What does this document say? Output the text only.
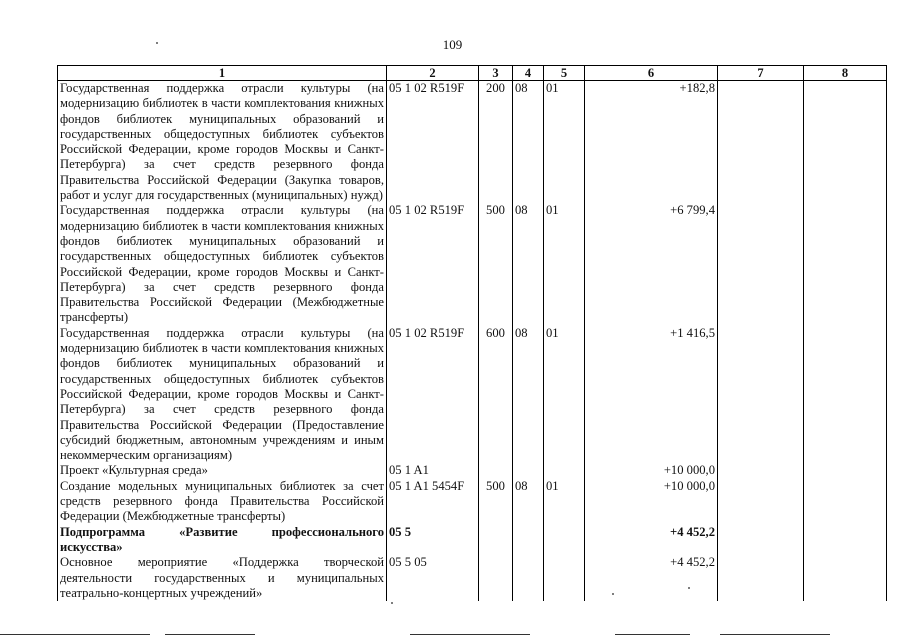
109
1	2	3	4	5	6	7	8
Государственная поддержка отрасли культуры (на модернизацию библиотек в части комплектования книжных фондов библиотек муниципальных образований и государственных общедоступных библиотек субъектов Российской Федерации, кроме городов Москвы и Санкт-Петербурга) за счет средств резервного фонда Правительства Российской Федерации (Закупка товаров, работ и услуг для государственных (муниципальных) нужд)	05 1 02 R519F	200	08	01	+182,8		
Государственная поддержка отрасли культуры (на модернизацию библиотек в части комплектования книжных фондов библиотек муниципальных образований и государственных общедоступных библиотек субъектов Российской Федерации, кроме городов Москвы и Санкт-Петербурга) за счет средств резервного фонда Правительства Российской Федерации (Межбюджетные трансферты)	05 1 02 R519F	500	08	01	+6 799,4		
Государственная поддержка отрасли культуры (на модернизацию библиотек в части комплектования книжных фондов библиотек муниципальных образований и государственных общедоступных библиотек субъектов Российской Федерации, кроме городов Москвы и Санкт-Петербурга) за счет средств резервного фонда Правительства Российской Федерации (Предоставление субсидий бюджетным, автономным учреждениям и иным некоммерческим организациям)	05 1 02 R519F	600	08	01	+1 416,5		
Проект «Культурная среда»	05 1 A1				+10 000,0		
Создание модельных муниципальных библиотек за счет средств резервного фонда Правительства Российской Федерации (Межбюджетные трансферты)	05 1 A1 5454F	500	08	01	+10 000,0		
Подпрограмма «Развитие профессионального искусства»	05 5				+4 452,2		
Основное мероприятие «Поддержка творческой деятельности государственных и муниципальных театрально-концертных учреждений»	05 5 05				+4 452,2		
